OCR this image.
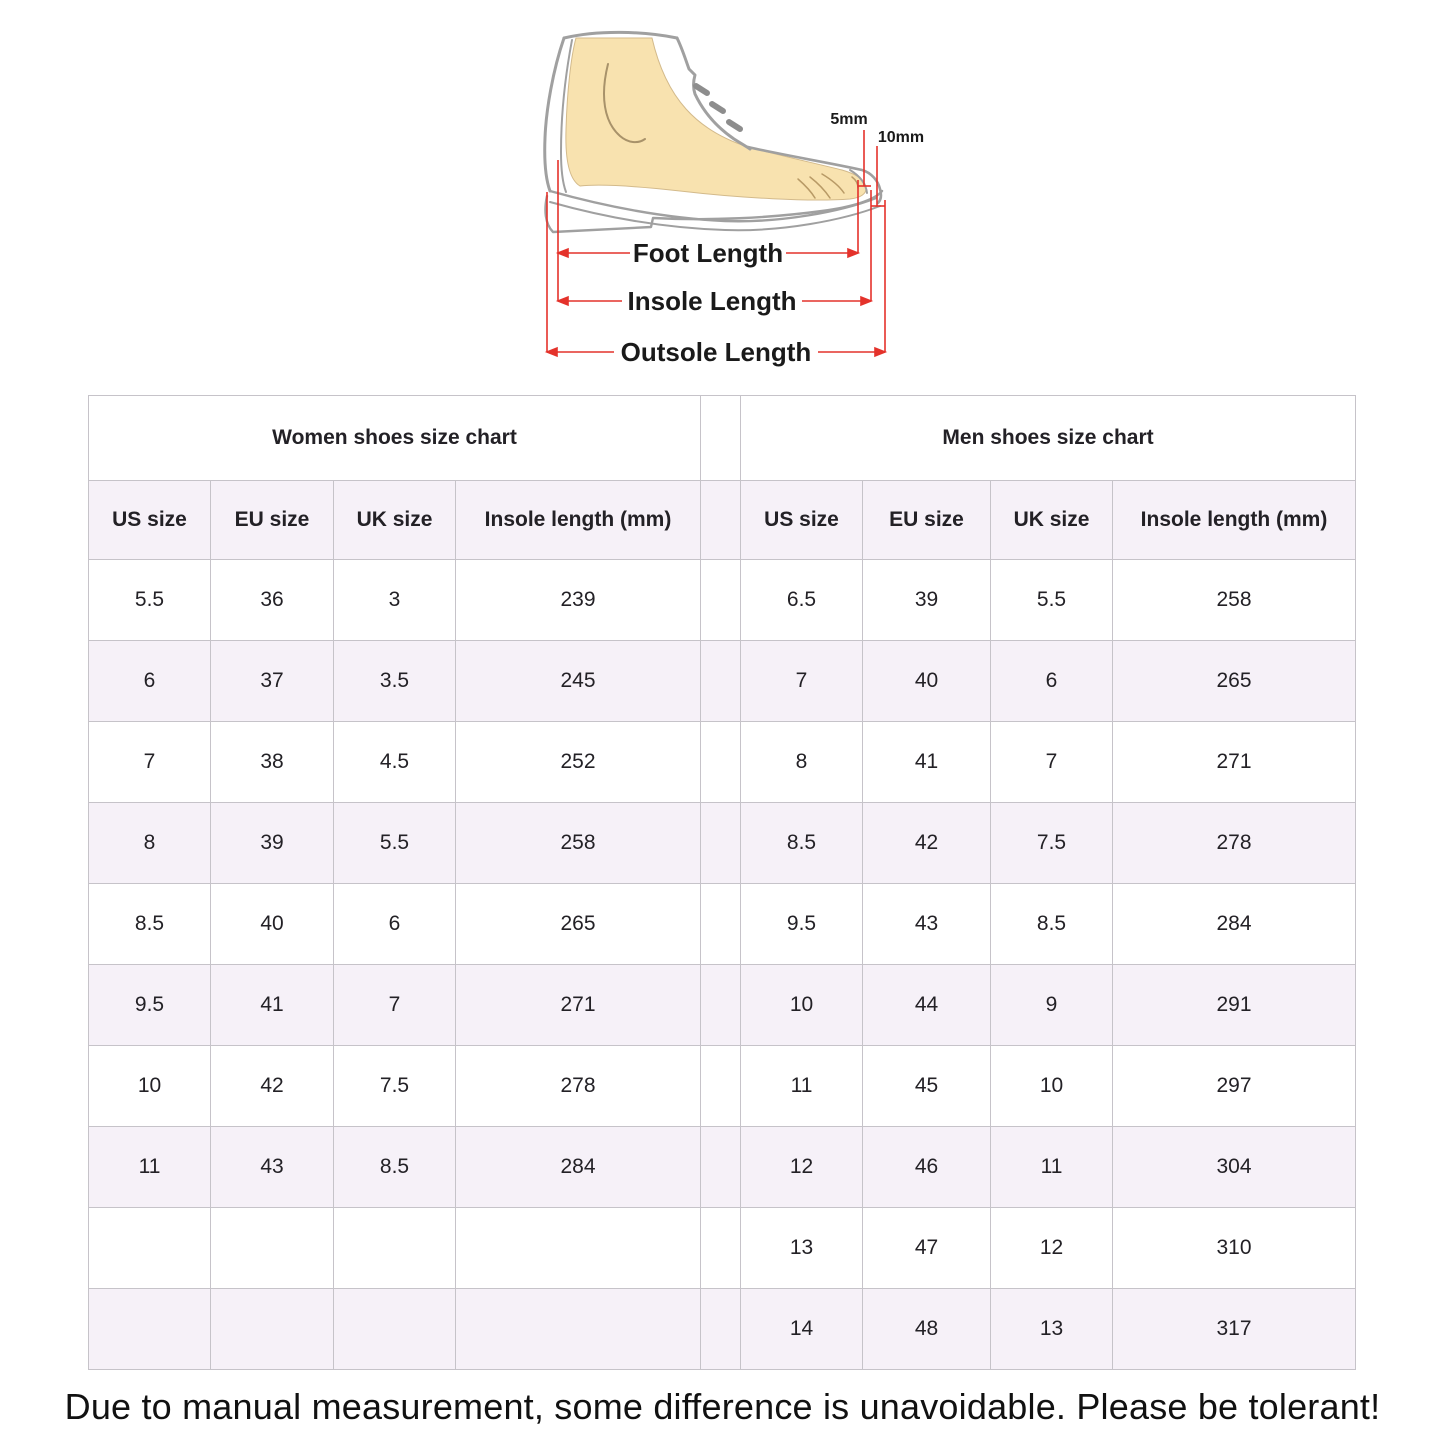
Foot Length
Insole Length
Outsole Length
5mm
10mm
Women shoes size chart					Men shoes size chart			
US size	EU size	UK size	Insole length (mm)		US size	EU size	UK size	Insole length (mm)
5.5	36	3	239		6.5	39	5.5	258
6	37	3.5	245		7	40	6	265
7	38	4.5	252		8	41	7	271
8	39	5.5	258		8.5	42	7.5	278
8.5	40	6	265		9.5	43	8.5	284
9.5	41	7	271		10	44	9	291
10	42	7.5	278		11	45	10	297
11	43	8.5	284		12	46	11	304
					13	47	12	310
					14	48	13	317
Due to manual measurement, some difference is unavoidable. Please be tolerant!
